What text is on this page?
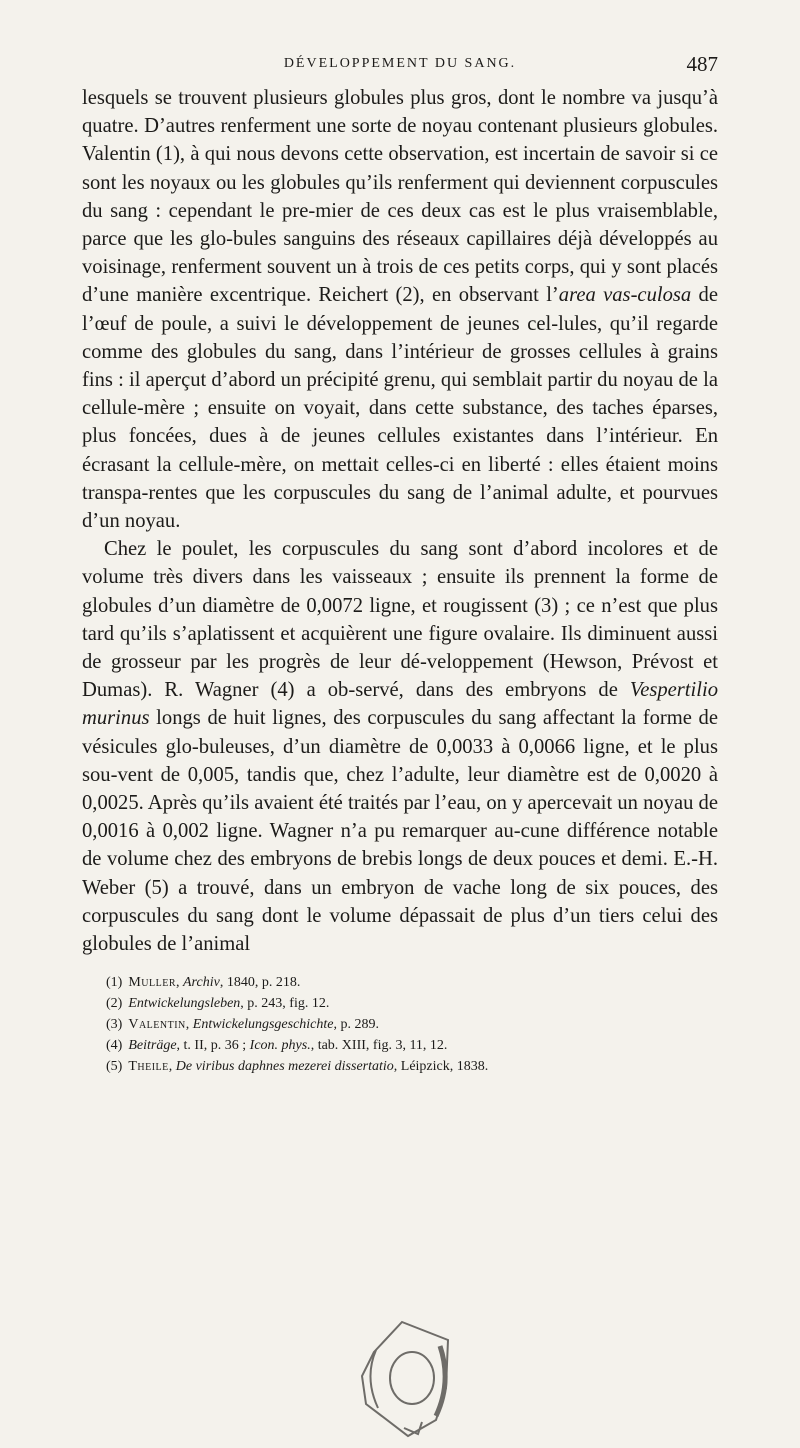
DÉVELOPPEMENT DU SANG.	487

lesquels se trouvent plusieurs globules plus gros, dont le nombre va jusqu’à quatre. D’autres renferment une sorte de noyau contenant plusieurs globules. Valentin (1), à qui nous devons cette observation, est incertain de savoir si ce sont les noyaux ou les globules qu’ils renferment qui deviennent corpuscules du sang : cependant le pre-mier de ces deux cas est le plus vraisemblable, parce que les glo-bules sanguins des réseaux capillaires déjà développés au voisinage, renferment souvent un à trois de ces petits corps, qui y sont placés d’une manière excentrique. Reichert (2), en observant l’area vas-culosa de l’œuf de poule, a suivi le développement de jeunes cel-lules, qu’il regarde comme des globules du sang, dans l’intérieur de grosses cellules à grains fins : il aperçut d’abord un précipité grenu, qui semblait partir du noyau de la cellule-mère ; ensuite on voyait, dans cette substance, des taches éparses, plus foncées, dues à de jeunes cellules existantes dans l’intérieur. En écrasant la cellule-mère, on mettait celles-ci en liberté : elles étaient moins transpa-rentes que les corpuscules du sang de l’animal adulte, et pourvues d’un noyau.

Chez le poulet, les corpuscules du sang sont d’abord incolores et de volume très divers dans les vaisseaux ; ensuite ils prennent la forme de globules d’un diamètre de 0,0072 ligne, et rougissent (3) ; ce n’est que plus tard qu’ils s’aplatissent et acquièrent une figure ovalaire. Ils diminuent aussi de grosseur par les progrès de leur dé-veloppement (Hewson, Prévost et Dumas). R. Wagner (4) a ob-servé, dans des embryons de Vespertilio murinus longs de huit lignes, des corpuscules du sang affectant la forme de vésicules glo-buleuses, d’un diamètre de 0,0033 à 0,0066 ligne, et le plus sou-vent de 0,005, tandis que, chez l’adulte, leur diamètre est de 0,0020 à 0,0025. Après qu’ils avaient été traités par l’eau, on y apercevait un noyau de 0,0016 à 0,002 ligne. Wagner n’a pu remarquer au-cune différence notable de volume chez des embryons de brebis longs de deux pouces et demi. E.-H. Weber (5) a trouvé, dans un embryon de vache long de six pouces, des corpuscules du sang dont le volume dépassait de plus d’un tiers celui des globules de l’animal

(1) Muller, Archiv, 1840, p. 218.
(2) Entwickelungsleben, p. 243, fig. 12.
(3) Valentin, Entwickelungsgeschichte, p. 289.
(4) Beiträge, t. II, p. 36 ; Icon. phys., tab. XIII, fig. 3, 11, 12.
(5) Theile, De viribus daphnes mezerei dissertatio, Léipzick, 1838.
